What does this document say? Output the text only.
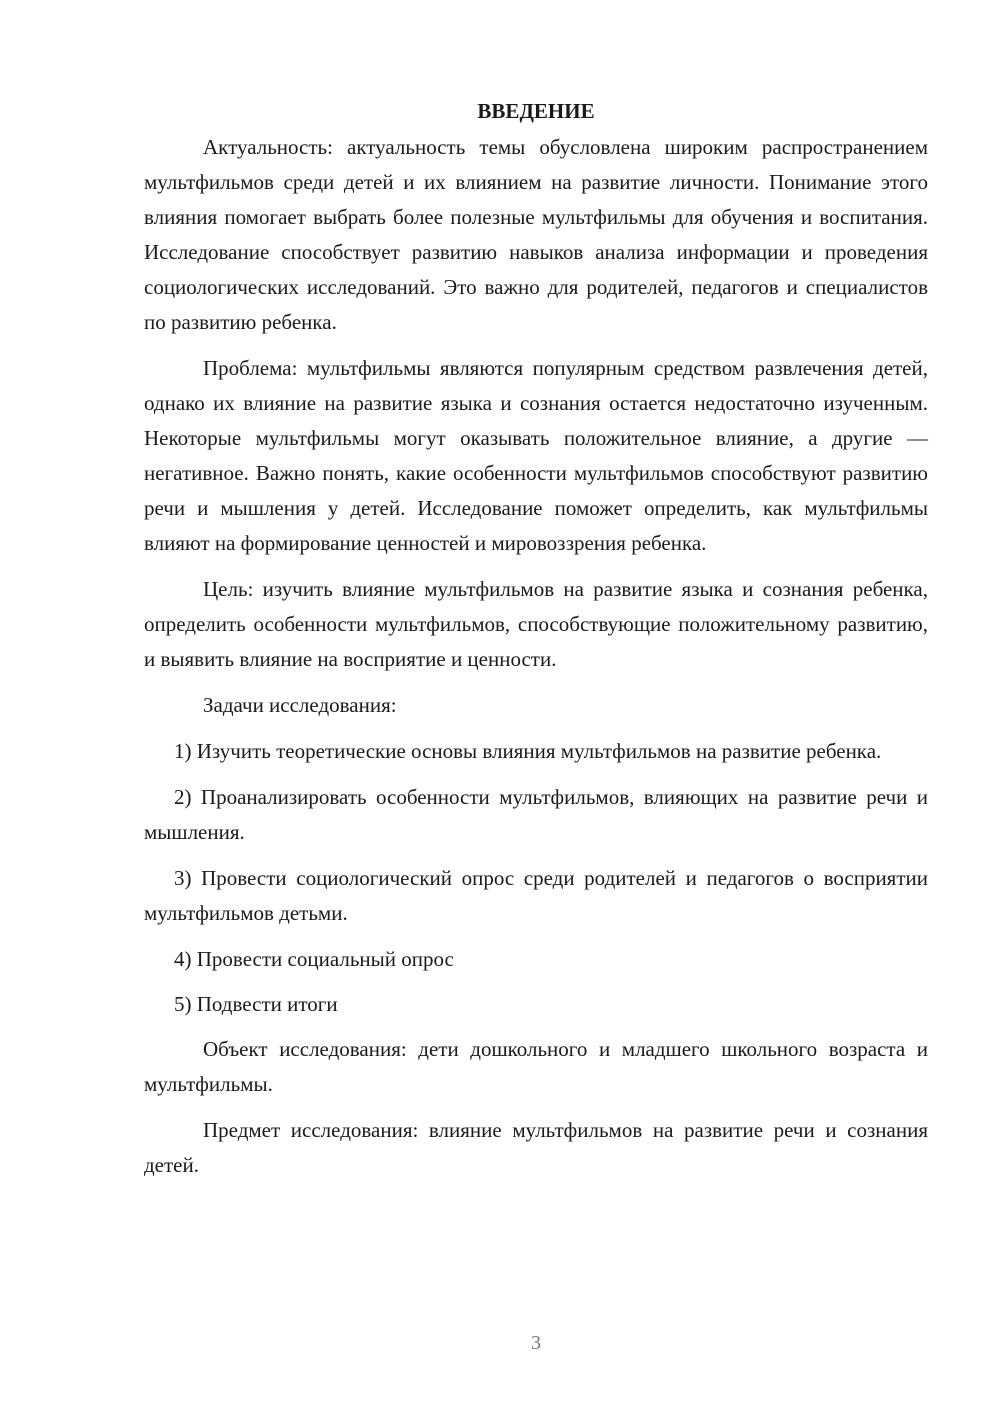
ВВЕДЕНИЕ

Актуальность: актуальность темы обусловлена широким распространением мультфильмов среди детей и их влиянием на развитие личности. Понимание этого влияния помогает выбрать более полезные мультфильмы для обучения и воспитания. Исследование способствует развитию навыков анализа информации и проведения социологических исследований. Это важно для родителей, педагогов и специалистов по развитию ребенка.

Проблема: мультфильмы являются популярным средством развлечения детей, однако их влияние на развитие языка и сознания остается недостаточно изученным. Некоторые мультфильмы могут оказывать положительное влияние, а другие — негативное. Важно понять, какие особенности мультфильмов способствуют развитию речи и мышления у детей. Исследование поможет определить, как мультфильмы влияют на формирование ценностей и мировоззрения ребенка.

Цель: изучить влияние мультфильмов на развитие языка и сознания ребенка, определить особенности мультфильмов, способствующие положительному развитию, и выявить влияние на восприятие и ценности.

Задачи исследования:

1) Изучить теоретические основы влияния мультфильмов на развитие ребенка.

2) Проанализировать особенности мультфильмов, влияющих на развитие речи и мышления.

3) Провести социологический опрос среди родителей и педагогов о восприятии мультфильмов детьми.

4) Провести социальный опрос

5) Подвести итоги

Объект исследования: дети дошкольного и младшего школьного возраста и мультфильмы.

Предмет исследования: влияние мультфильмов на развитие речи и сознания детей.

3
